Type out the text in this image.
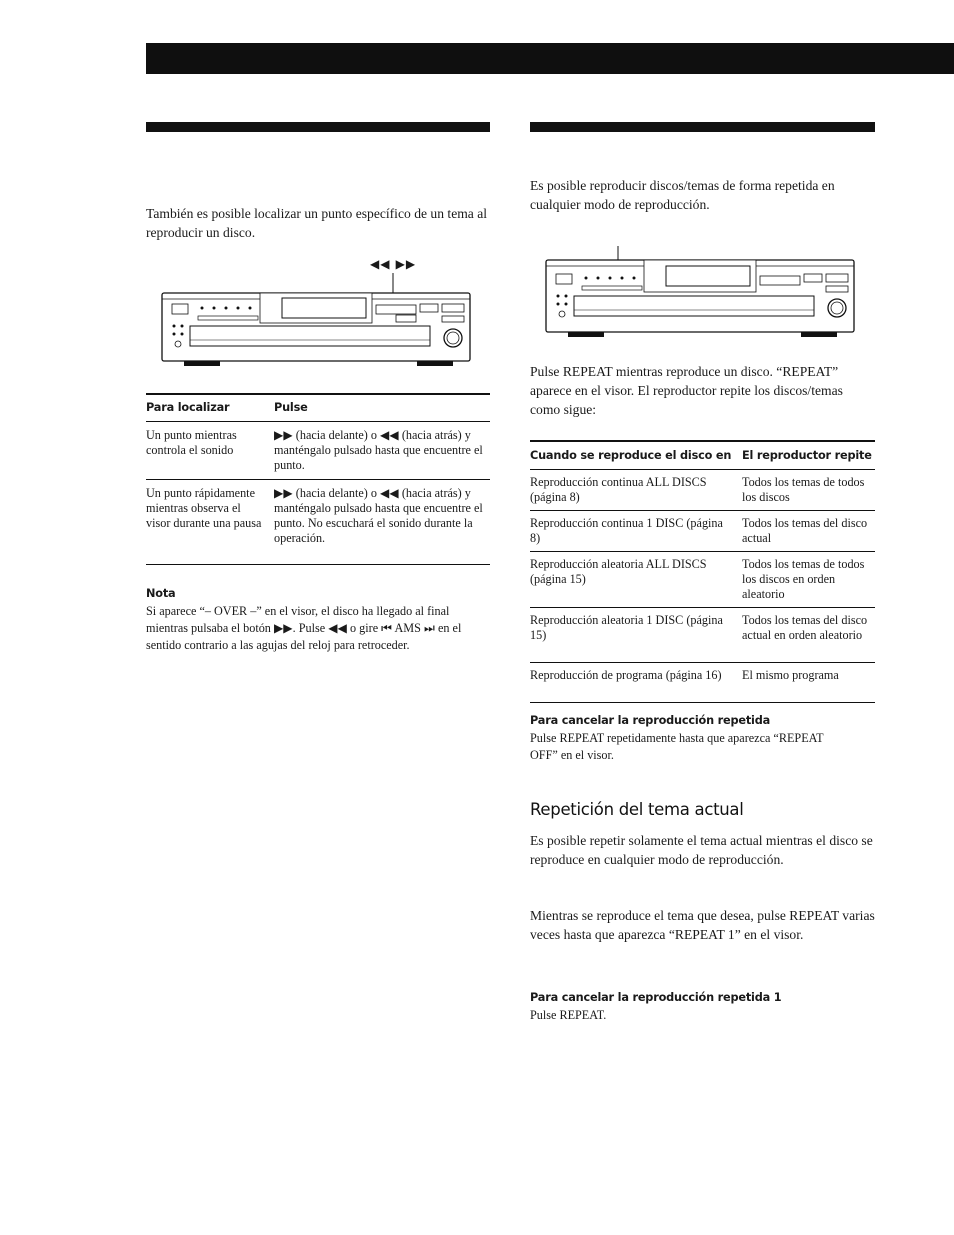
También es posible localizar un punto específico de un tema al reproducir un disco.

◀◀ ▶▶
Para localizar	Pulse
Un punto mientras controla el sonido	▶▶ (hacia delante) o ◀◀ (hacia atrás) y manténgalo pulsado hasta que encuentre el punto.
Un punto rápidamente mientras observa el visor durante una pausa	▶▶ (hacia delante) o ◀◀ (hacia atrás) y manténgalo pulsado hasta que encuentre el punto. No escuchará el sonido durante la operación.
Nota

Si aparece “– OVER –” en el visor, el disco ha llegado al final mientras pulsaba el botón ▶▶. Pulse ◀◀ o gire ⏮ AMS ⏭ en el sentido contrario a las agujas del reloj para retroceder.

Es posible reproducir discos/temas de forma repetida en cualquier modo de reproducción.

Pulse REPEAT mientras reproduce un disco. “REPEAT” aparece en el visor. El reproductor repite los discos/temas como sigue:

Cuando se reproduce el disco en	El reproductor repite
Reproducción continua ALL DISCS (página 8)	Todos los temas de todos los discos
Reproducción continua 1 DISC (página 8)	Todos los temas del disco actual
Reproducción aleatoria ALL DISCS (página 15)	Todos los temas de todos los discos en orden aleatorio
Reproducción aleatoria 1 DISC (página 15)	Todos los temas del disco actual en orden aleatorio
Reproducción de programa (página 16)	El mismo programa
Para cancelar la reproducción repetida

Pulse REPEAT repetidamente hasta que aparezca “REPEAT OFF” en el visor.

Repetición del tema actual

Es posible repetir solamente el tema actual mientras el disco se reproduce en cualquier modo de reproducción.

Mientras se reproduce el tema que desea, pulse REPEAT varias veces hasta que aparezca “REPEAT 1” en el visor.

Para cancelar la reproducción repetida 1

Pulse REPEAT.
